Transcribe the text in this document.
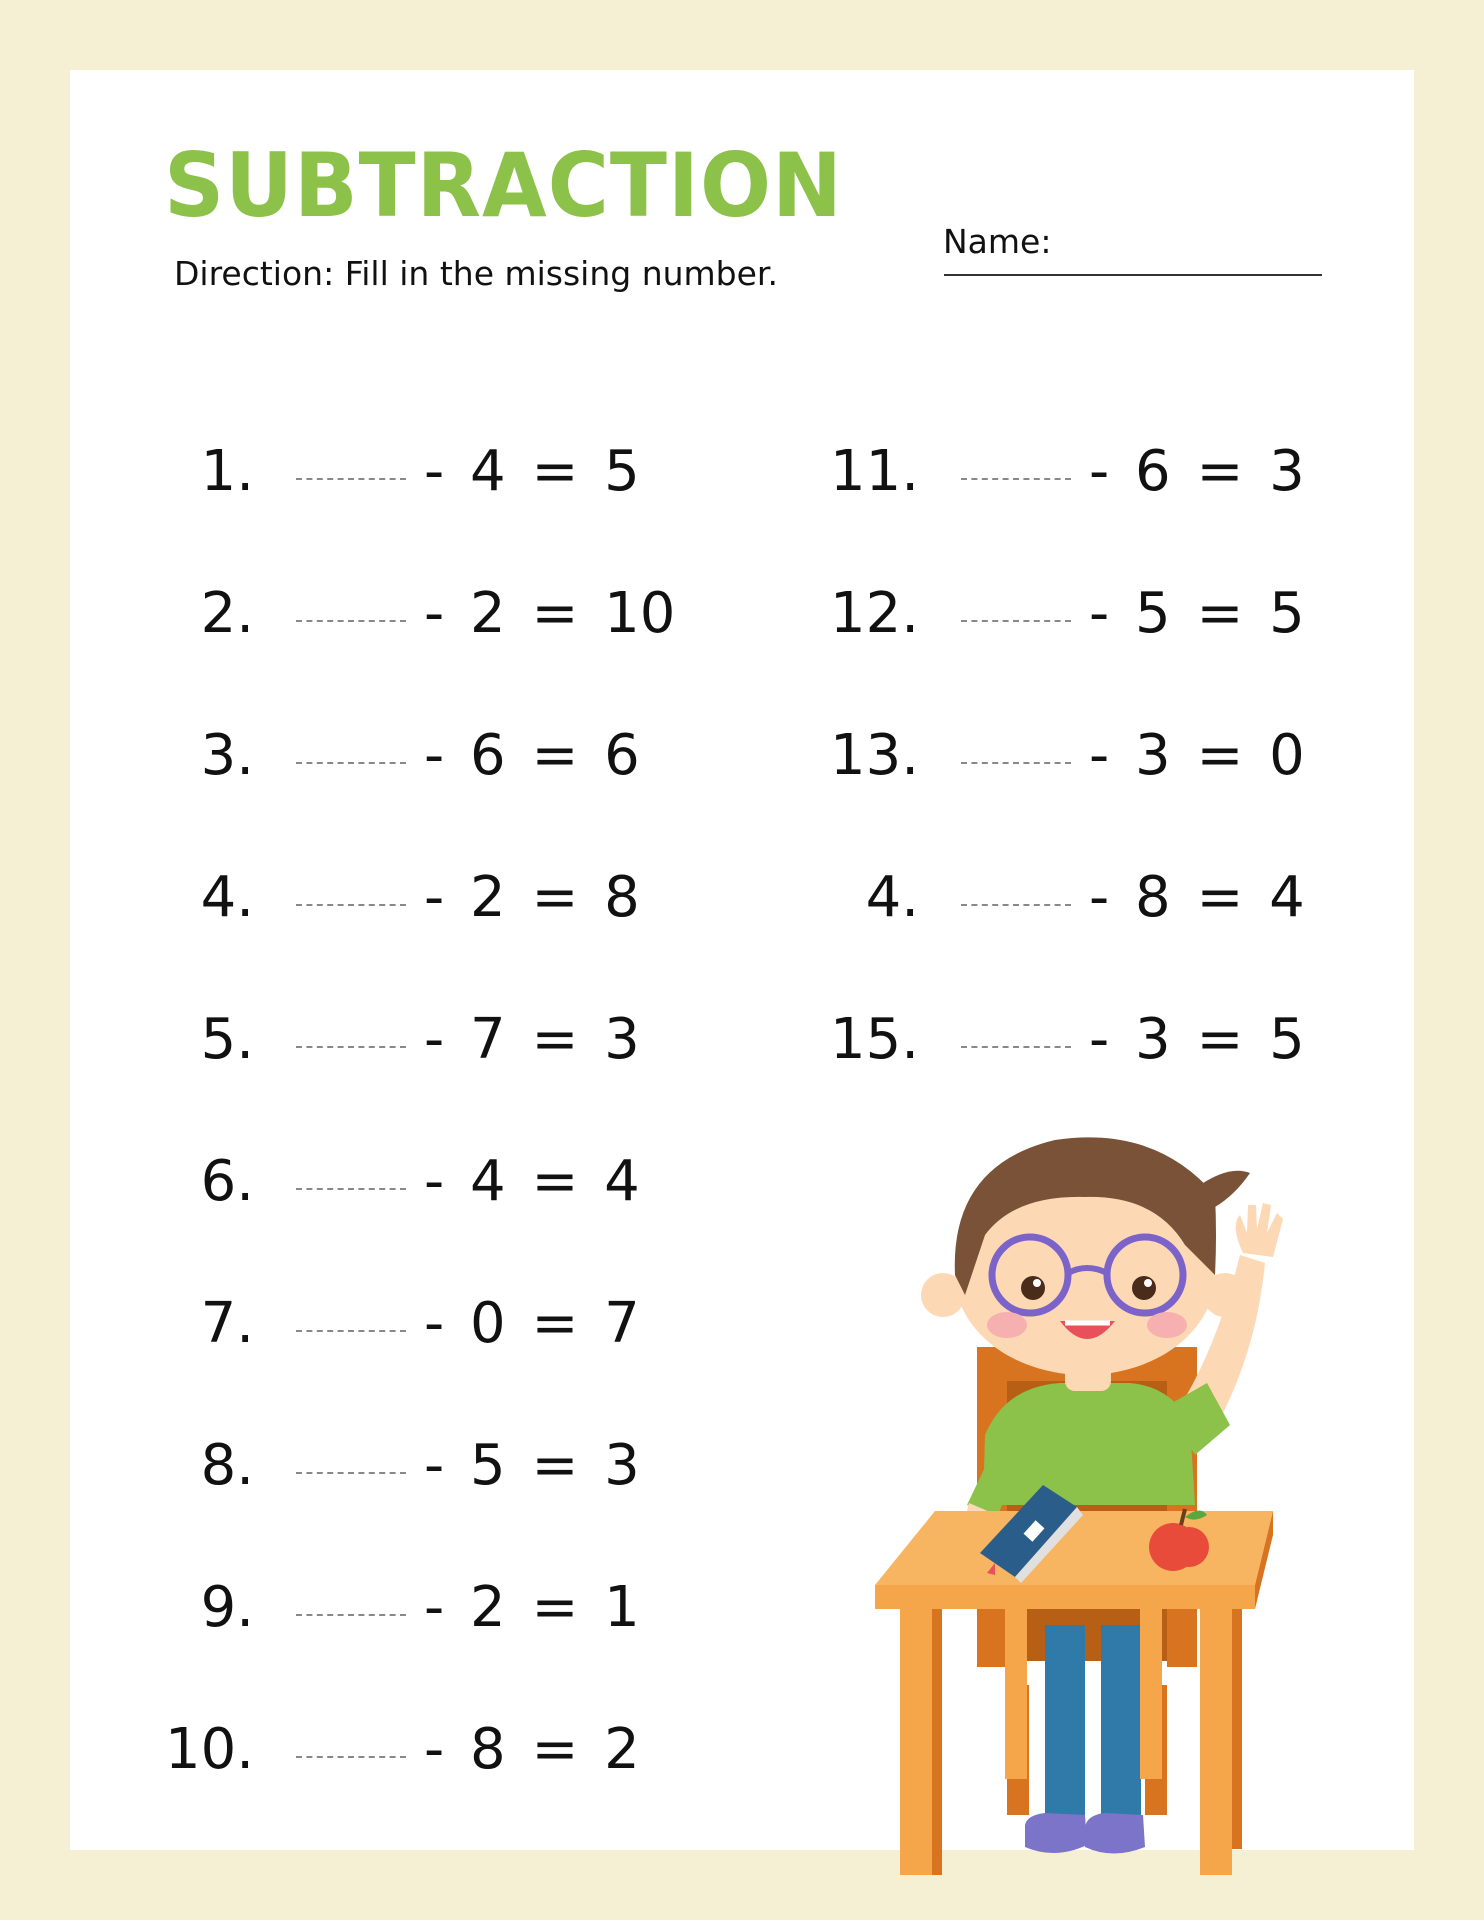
SUBTRACTION
Direction: Fill in the missing number.
Name:
1.	- 4 = 5
2.	- 2 = 10
3.	- 6 = 6
4.	- 2 = 8
5.	- 7 = 3
6.	- 4 = 4
7.	- 0 = 7
8.	- 5 = 3
9.	- 2 = 1
10.	- 8 = 2
11.	- 6 = 3
12.	- 5 = 5
13.	- 3 = 0
4.	- 8 = 4
15.	- 3 = 5
